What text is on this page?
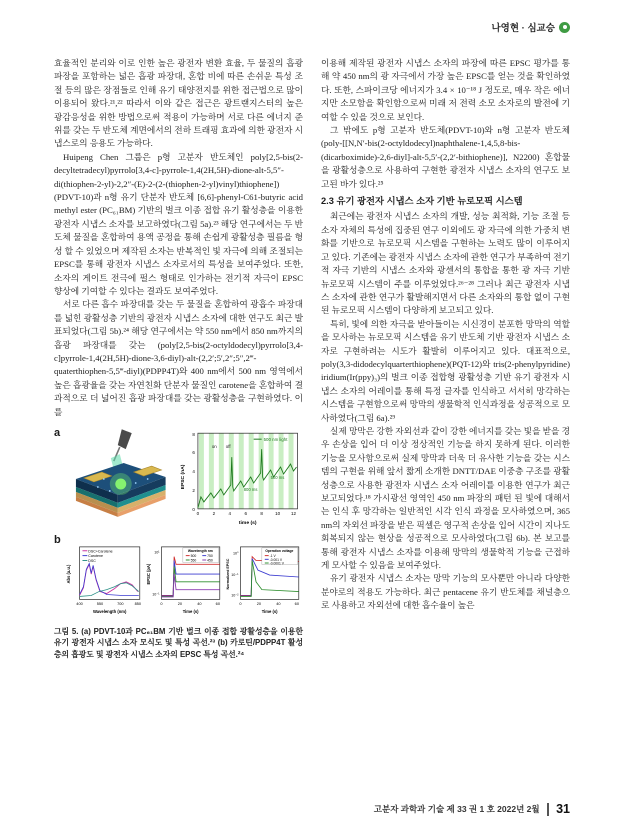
나영현 · 심교승

효율적인 분리와 이로 인한 높은 광전자 변환 효율, 두 물질의 흡광 파장을 포함하는 넓은 흡광 파장대, 혼합 비에 따른 손쉬운 특성 조절 등의 많은 장점들로 인해 유기 태양전지를 위한 접근법으로 많이 이용되어 왔다.²¹,²² 따라서 이와 같은 접근은 광트랜지스터의 높은 광감응성을 위한 방법으로써 적용이 가능하며 서로 다른 에너지 준위를 갖는 두 반도체 계면에서의 전하 트래핑 효과에 의한 광전자 시냅스로의 응용도 가능하다.

Huipeng Chen 그룹은 p형 고분자 반도체인 poly[2,5-bis(2-decyltetradecyl)pyrrolo[3,4-c]-pyrrole-1,4(2H,5H)-dione-alt-5,5″-di(thiophen-2-yl)-2,2″-(E)-2-(2-(thiophen-2-yl)vinyl)thiophene])(PDVT-10)과 n형 유기 단분자 반도체 [6,6]-phenyl-C61-butyric acid methyl ester (PC₆₁BM) 기반의 벌크 이종 접합 유기 활성층을 이용한 광전자 시냅스 소자를 보고하였다(그림 5a).²³ 해당 연구에서는 두 반도체 물질을 혼합하여 용액 공정을 통해 손쉽게 광활성층 필름을 형성 할 수 있었으며 제작된 소자는 반복적인 빛 자극에 의해 조절되는 EPSC를 통해 광전자 시냅스 소자로서의 특성을 보여주었다. 또한, 소자의 게이트 전극에 펄스 형태로 인가하는 전기적 자극이 EPSC 향상에 기여할 수 있다는 결과도 보여주었다.

서로 다른 흡수 파장대를 갖는 두 물질을 혼합하여 광흡수 파장대를 넓힌 광활성층 기반의 광전자 시냅스 소자에 대한 연구도 최근 발표되었다(그림 5b).²⁴ 해당 연구에서는 약 550 nm에서 850 nm까지의 흡광 파장대를 갖는 (poly[2,5-bis(2-octyldodecyl)pyrrolo[3,4-c]pyrrole-1,4(2H,5H)-dione-3,6-diyl)-alt-(2,2′;5′,2″;5″,2‴-quaterthiophen-5,5‴-diyl)(PDPP4T)와 400 nm에서 500 nm 영역에서 높은 흡광율을 갖는 자연친화 단분자 물질인 carotene을 혼합하여 결과적으로 더 넓어진 흡광 파장대를 갖는 광활성층을 구현하였다. 이를

a
500 nm light
on off
500 ms
800 ms
0	2	4	6	8	10 12
0
2
4
6
8
time (s)
EPSC (nA)
b
DSC+Carotene
Carotene
DSC
400	550	700	850
Wavelength (nm)
Abs (a.u.)
Wavelength nm
500	750
550	450
10¹
10⁻¹
0	20	40	60
Time (s)
EPSC (pA)
Operation voltage
-1 V
-0.001 V
-0.0001 V
10⁰
10⁻¹
10⁻²
0	20	40	60
Time (s)
Normalized EPSC
그림 5. (a) PDVT-10과 PC₆₁BM 기반 벌크 이종 접합 광활성층을 이용한 유기 광전자 시냅스 소자 모식도 및 특성 곡선.²³ (b) 카로틴/PDPP4T 활성층의 흡광도 및 광전자 시냅스 소자의 EPSC 특성 곡선.²⁴

이용해 제작된 광전자 시냅스 소자의 파장에 따른 EPSC 평가를 통해 약 450 nm의 광 자극에서 가장 높은 EPSC를 얻는 것을 확인하였다. 또한, 스파이크당 에너지가 3.4 × 10⁻¹⁸ J 정도로, 매우 작은 에너지만 소모함을 확인함으로써 미래 저 전력 소모 소자로의 발전에 기여할 수 있을 것으로 보인다.

그 밖에도 p형 고분자 반도체(PDVT-10)와 n형 고분자 반도체(poly-[[N,N′-bis(2-octyldodecyl)naphthalene-1,4,5,8-bis-(dicarboximide)-2,6-diyl]-alt-5,5′-(2,2′-bithiophene)], N2200) 혼합물을 광활성층으로 사용하여 구현한 광전자 시냅스 소자의 연구도 보고된 바가 있다.²⁵

2.3 유기 광전자 시냅스 소자 기반 뉴로모픽 시스템

최근에는 광전자 시냅스 소자의 개발, 성능 최적화, 기능 조절 등 소자 자체의 특성에 집중된 연구 이외에도 광 자극에 의한 가중치 변화를 기반으로 뉴로모픽 시스템을 구현하는 노력도 많이 이루어지고 있다. 기존에는 광전자 시냅스 소자에 관한 연구가 부족하여 전기적 자극 기반의 시냅스 소자와 광센서의 통합을 통한 광 자극 기반 뉴로모픽 시스템이 주를 이루었었다.²⁶⁻²⁸ 그러나 최근 광전자 시냅스 소자에 관한 연구가 활발해지면서 다른 소자와의 통합 없이 구현된 뉴로모픽 시스템이 다양하게 보고되고 있다.

특히, 빛에 의한 자극을 받아들이는 시신경이 분포한 망막의 역할을 모사하는 뉴로모픽 시스템을 유기 반도체 기반 광전자 시냅스 소자로 구현하려는 시도가 활발히 이루어지고 있다. 대표적으로, poly(3,3-didodecylquarterthiophene)(PQT-12)와 tris(2-phenylpyridine) iridium(Ir(ppy)₃)의 벌크 이종 접합형 광활성층 기반 유기 광전자 시냅스 소자의 어레이를 통해 특정 글자를 인식하고 서서히 망각하는 시스템을 구현함으로써 망막의 생물학적 인식과정을 성공적으로 모사하였다(그림 6a).²⁹

실제 망막은 강한 자외선과 같이 강한 에너지를 갖는 빛을 받을 경우 손상을 입어 더 이상 정상적인 기능을 하지 못하게 된다. 이러한 기능을 모사함으로써 실제 망막과 더욱 더 유사한 기능을 갖는 시스템의 구현을 위해 앞서 짧게 소개한 DNTT/DAE 이중층 구조를 광활성층으로 사용한 광전자 시냅스 소자 어레이를 이용한 연구가 최근 보고되었다.¹⁸ 가시광선 영역인 450 nm 파장의 패턴 된 빛에 대해서는 인식 후 망각하는 일반적인 시각 인식 과정을 모사하였으며, 365 nm의 자외선 파장을 받은 픽셀은 영구적 손상을 입어 시간이 지나도 회복되지 않는 현상을 성공적으로 모사하였다(그림 6b). 본 보고를 통해 광전자 시냅스 소자를 이용해 망막의 생물학적 기능을 근접하게 모사할 수 있음을 보여주었다.

유기 광전자 시냅스 소자는 망막 기능의 모사뿐만 아니라 다양한 분야로의 적용도 가능하다. 최근 pentacene 유기 반도체를 채널층으로 사용하고 자외선에 대한 흡수율이 높은

고분자 과학과 기술 제 33 권 1 호 2022년 2월 31
